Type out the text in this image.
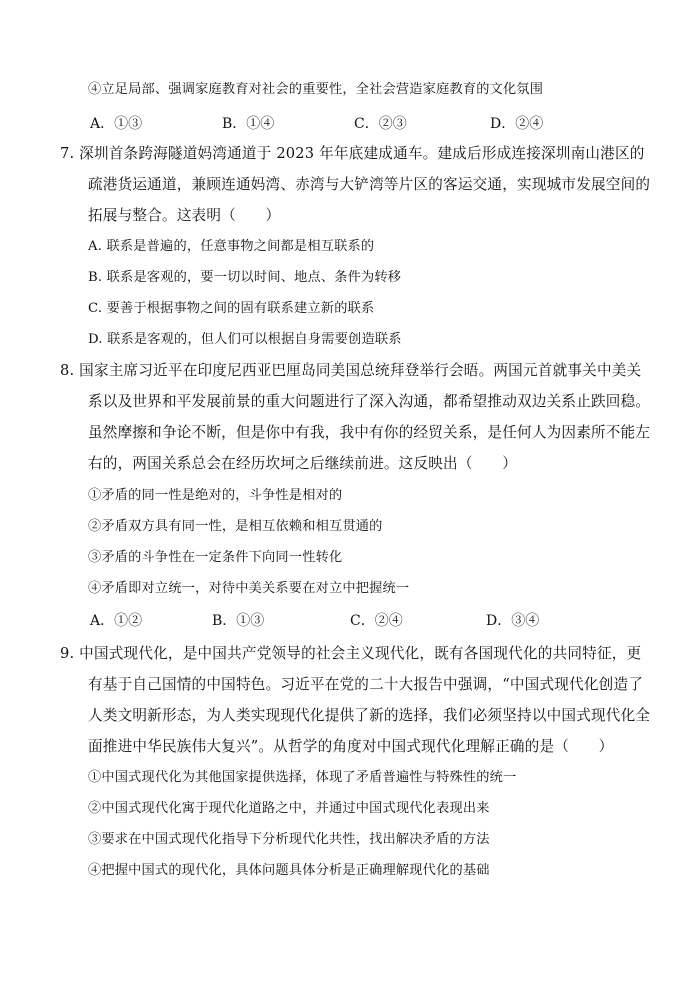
④立足局部、强调家庭教育对社会的重要性，全社会营造家庭教育的文化氛围
A．①③	B．①④	C．②③	D．②④
7. 深圳首条跨海隧道妈湾通道于 2023 年年底建成通车。建成后形成连接深圳南山港区的
疏港货运通道，兼顾连通妈湾、赤湾与大铲湾等片区的客运交通，实现城市发展空间的
拓展与整合。这表明（　　）
A. 联系是普遍的，任意事物之间都是相互联系的
B. 联系是客观的，要一切以时间、地点、条件为转移
C. 要善于根据事物之间的固有联系建立新的联系
D. 联系是客观的，但人们可以根据自身需要创造联系
8. 国家主席习近平在印度尼西亚巴厘岛同美国总统拜登举行会晤。两国元首就事关中美关
系以及世界和平发展前景的重大问题进行了深入沟通，都希望推动双边关系止跌回稳。
虽然摩擦和争论不断，但是你中有我，我中有你的经贸关系，是任何人为因素所不能左
右的，两国关系总会在经历坎坷之后继续前进。这反映出（　　）
①矛盾的同一性是绝对的，斗争性是相对的
②矛盾双方具有同一性，是相互依赖和相互贯通的
③矛盾的斗争性在一定条件下向同一性转化
④矛盾即对立统一，对待中美关系要在对立中把握统一
A．①②	B．①③	C．②④	D．③④
9. 中国式现代化，是中国共产党领导的社会主义现代化，既有各国现代化的共同特征，更
有基于自己国情的中国特色。习近平在党的二十大报告中强调，“中国式现代化创造了
人类文明新形态，为人类实现现代化提供了新的选择，我们必须坚持以中国式现代化全
面推进中华民族伟大复兴”。从哲学的角度对中国式现代化理解正确的是（　　）
①中国式现代化为其他国家提供选择，体现了矛盾普遍性与特殊性的统一
②中国式现代化寓于现代化道路之中，并通过中国式现代化表现出来
③要求在中国式现代化指导下分析现代化共性，找出解决矛盾的方法
④把握中国式的现代化，具体问题具体分析是正确理解现代化的基础
